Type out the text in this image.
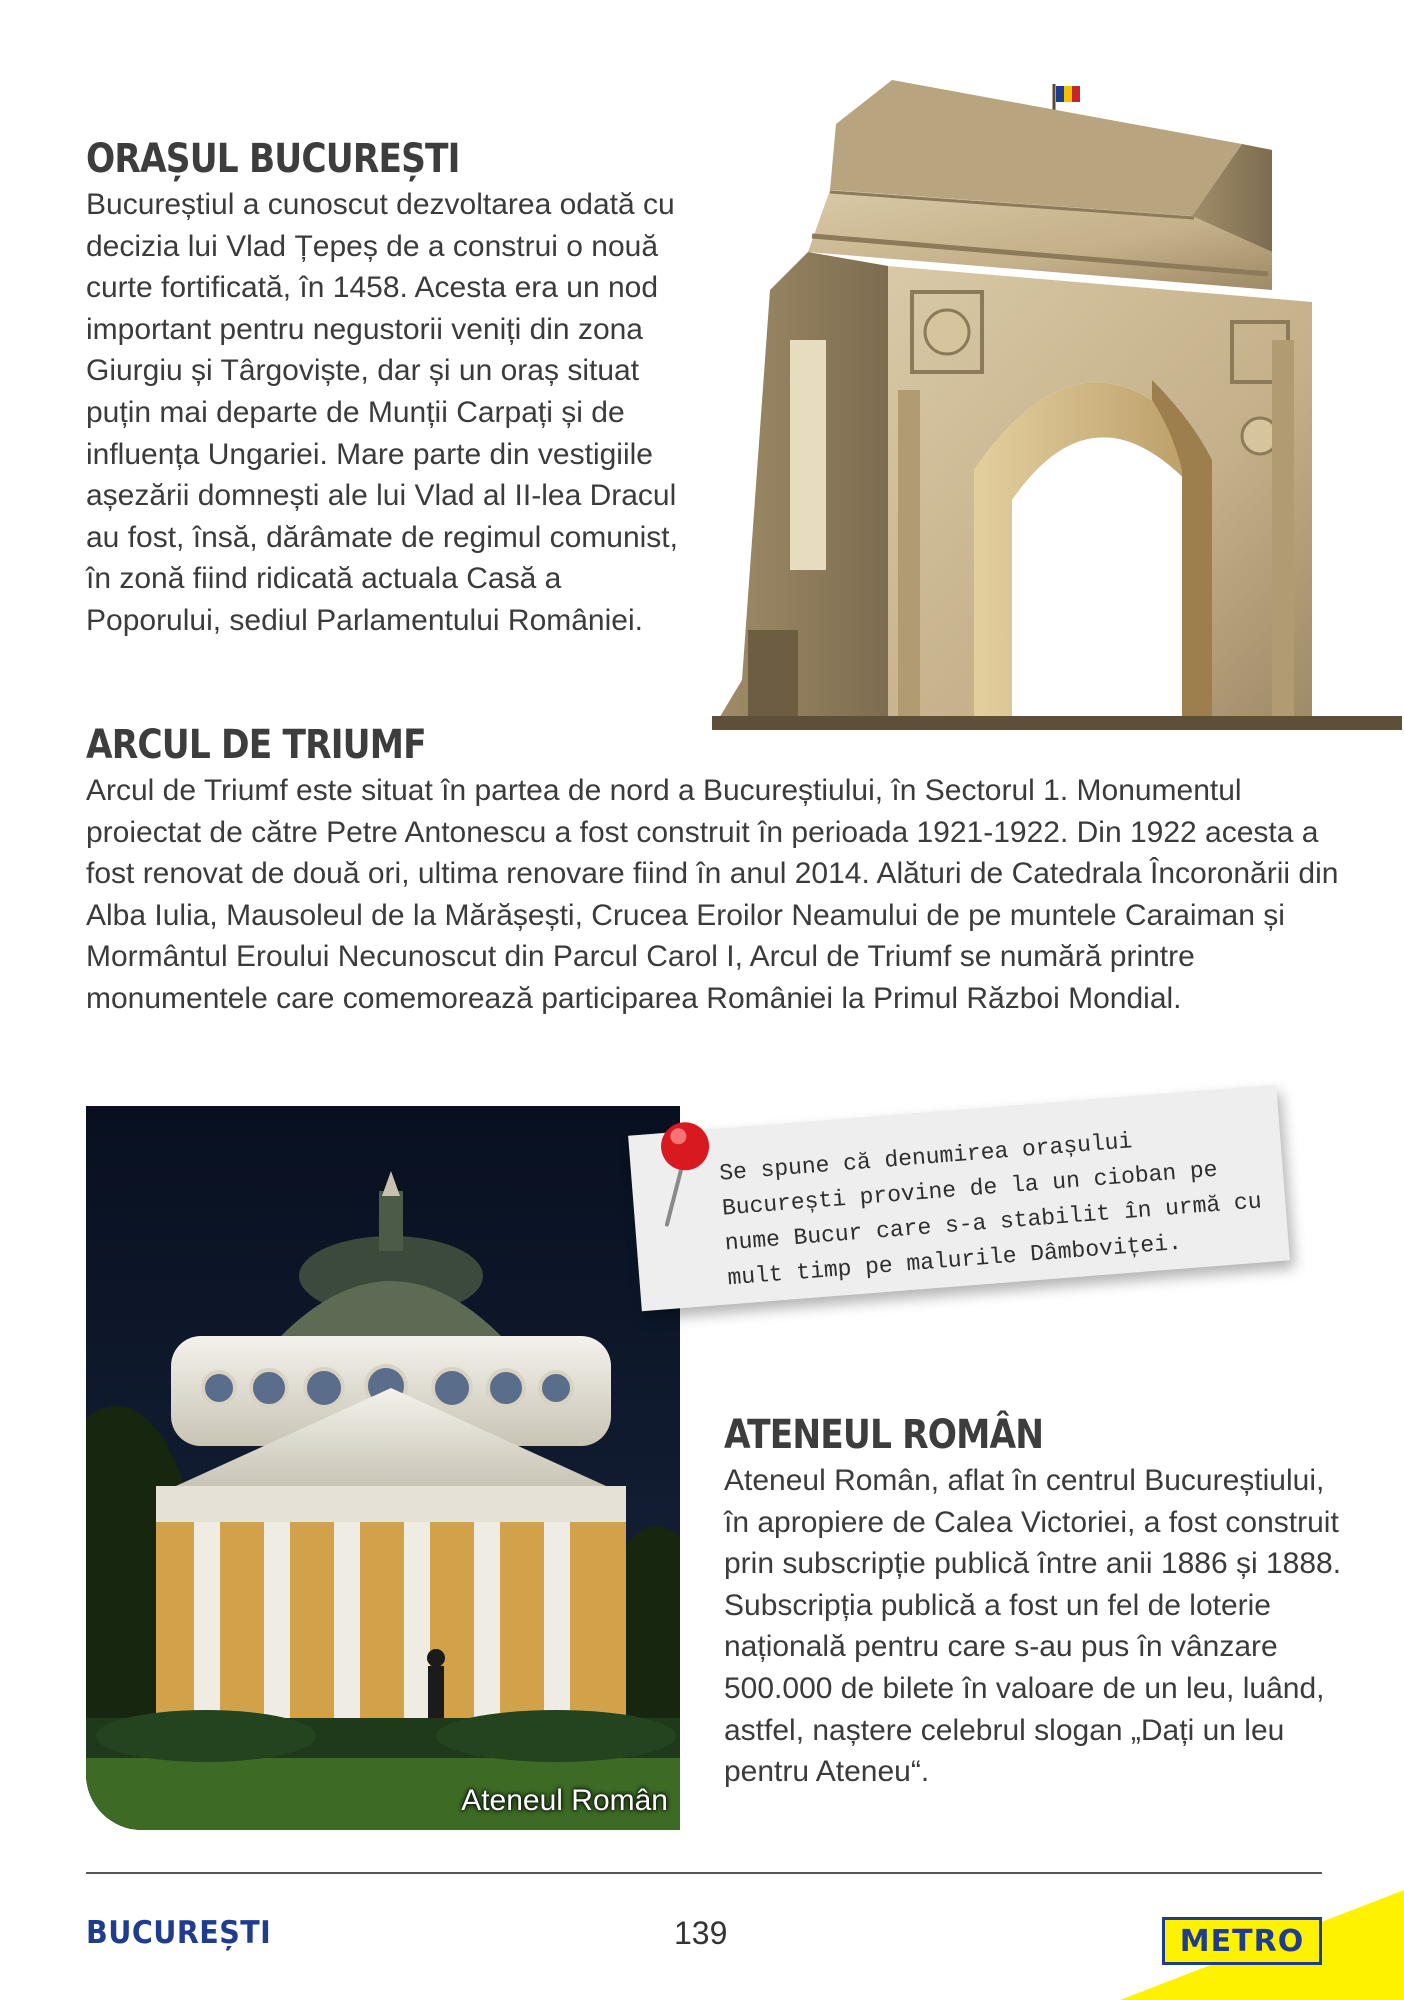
ORAȘUL BUCUREȘTI

Bucureștiul a cunoscut dezvoltarea odată cu decizia lui Vlad Țepeș de a construi o nouă curte fortificată, în 1458. Acesta era un nod important pentru negustorii veniți din zona Giurgiu și Târgoviște, dar și un oraș situat puțin mai departe de Munții Carpați și de influența Ungariei. Mare parte din vestigiile așezării domnești ale lui Vlad al II-lea Dracul au fost, însă, dărâmate de regimul comunist, în zonă fiind ridicată actuala Casă a Poporului, sediul Parlamentului României.

ARCUL DE TRIUMF

Arcul de Triumf este situat în partea de nord a Bucureștiului, în Sectorul 1. Monumentul proiectat de către Petre Antonescu a fost construit în perioada 1921-1922. Din 1922 acesta a fost renovat de două ori, ultima renovare fiind în anul 2014. Alături de Catedrala Încoronării din Alba Iulia, Mausoleul de la Mărășești, Crucea Eroilor Neamului de pe muntele Caraiman și Mormântul Eroului Necunoscut din Parcul Carol I, Arcul de Triumf se numără printre monumentele care comemorează participarea României la Primul Război Mondial.

Ateneul Român

Se spune că denumirea orașului București provine de la un cioban pe nume Bucur care s-a stabilit în urmă cu mult timp pe malurile Dâmboviței.

ATENEUL ROMÂN

Ateneul Român, aflat în centrul Bucureștiului, în apropiere de Calea Victoriei, a fost construit prin subscripție publică între anii 1886 și 1888. Subscripția publică a fost un fel de loterie națională pentru care s-au pus în vânzare 500.000 de bilete în valoare de un leu, luând, astfel, naștere celebrul slogan „Dați un leu pentru Ateneu“.

BUCUREȘTI	139	METRO
